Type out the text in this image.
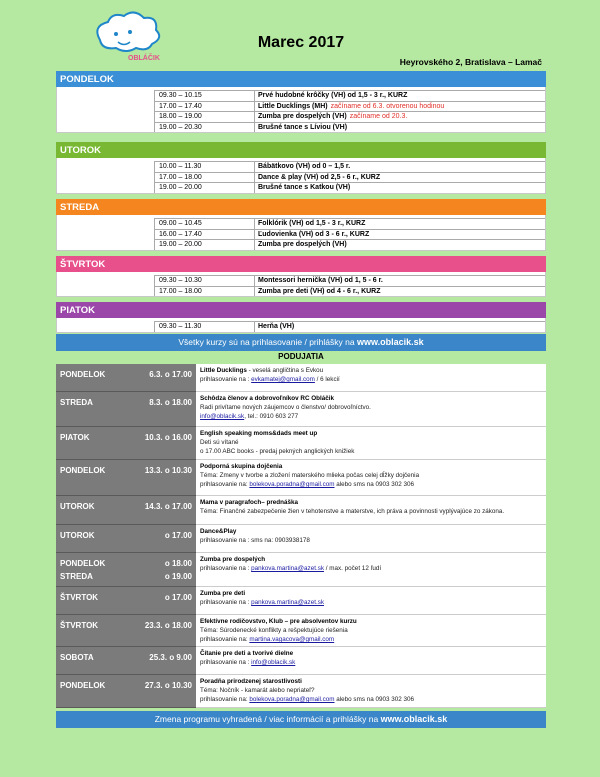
OBLÁČIK
Marec 2017
Heyrovského 2, Bratislava – Lamač
PONDELOK
09.30 – 10.15	Prvé hudobné krôčky (VH) od 1,5 - 3 r., KURZ
17.00 – 17.40	Little Ducklings (MH) začíname od 6.3. otvorenou hodinou
18.00 – 19.00	Zumba pre dospelých (VH) začíname od 20.3.
19.00 – 20.30	Brušné tance s Líviou (VH)
UTOROK
10.00 – 11.30	Bábätkovo (VH) od 0 – 1,5 r.
17.00 – 18.00	Dance & play (VH) od 2,5 - 6 r., KURZ
19.00 – 20.00	Brušné tance s Katkou (VH)
STREDA
09.00 – 10.45	Folklórik (VH) od 1,5 - 3 r., KURZ
16.00 – 17.40	Ľudovienka (VH) od 3 - 6 r., KURZ
19.00 – 20.00	Zumba pre dospelých (VH)
ŠTVRTOK
09.30 – 10.30	Montessori hernička (VH) od 1, 5 - 6 r.
17.00 – 18.00	Zumba pre deti (VH) od 4 - 6 r., KURZ
PIATOK
09.30 – 11.30	Herňa (VH)
Všetky kurzy sú na prihlasovanie / prihlášky na www.oblacik.sk
PODUJATIA
PONDELOK	6.3. o 17.00 Little Ducklings - veselá angličtina s Evkou
prihlasovanie na : evkamatej@gmail.com / 6 lekcií
STREDA	8.3. o 18.00 Schôdza členov a dobrovoľníkov RC Obláčik
Radi privítame nových záujemcov o členstvo/ dobrovoľníctvo.
info@oblacik.sk, tel.: 0910 603 277
PIATOK	10.3. o 16.00 English speaking moms&dads meet up
Deti sú vítané
o 17.00 ABC books - predaj pekných anglických knižiek
PONDELOK	13.3. o 10.30 Podporná skupina dojčenia
Téma: Zmeny v tvorbe a zložení materského mlieka počas celej dĺžky dojčenia
prihlasovanie na: bolekova.poradna@gmail.com alebo sms na 0903 302 306
UTOROK	14.3. o 17.00 Mama v paragrafoch– prednáška
Téma: Finančné zabezpečenie žien v tehotenstve a materstve, ich práva a povinnosti vyplývajúce zo zákona.
UTOROK	o 17.00 Dance&Play
prihlasovanie na : sms na: 0903938178
PONDELOK	o 18.00
STREDA	o 19.00
Zumba pre dospelých
prihlasovanie na : pankova.martina@azet.sk / max. počet 12 ľudí
ŠTVRTOK	o 17.00 Zumba pre deti
prihlasovanie na : pankova.martina@azet.sk
ŠTVRTOK	23.3. o 18.00 Efektívne rodičovstvo, Klub – pre absolventov kurzu
Téma: Súrodenecké konflikty a rešpektujúce riešenia
prihlasovanie na: martina.vagacova@gmail.com
SOBOTA	25.3. o 9.00 Čítanie pre deti a tvorivé dielne
prihlasovanie na : info@oblacik.sk
PONDELOK	27.3. o 10.30 Poradňa prirodzenej starostlivosti
Téma: Nočník - kamarát alebo nepriateľ?
prihlasovanie na: bolekova.poradna@gmail.com alebo sms na 0903 302 306
Zmena programu vyhradená / viac informácií a prihlášky na www.oblacik.sk
